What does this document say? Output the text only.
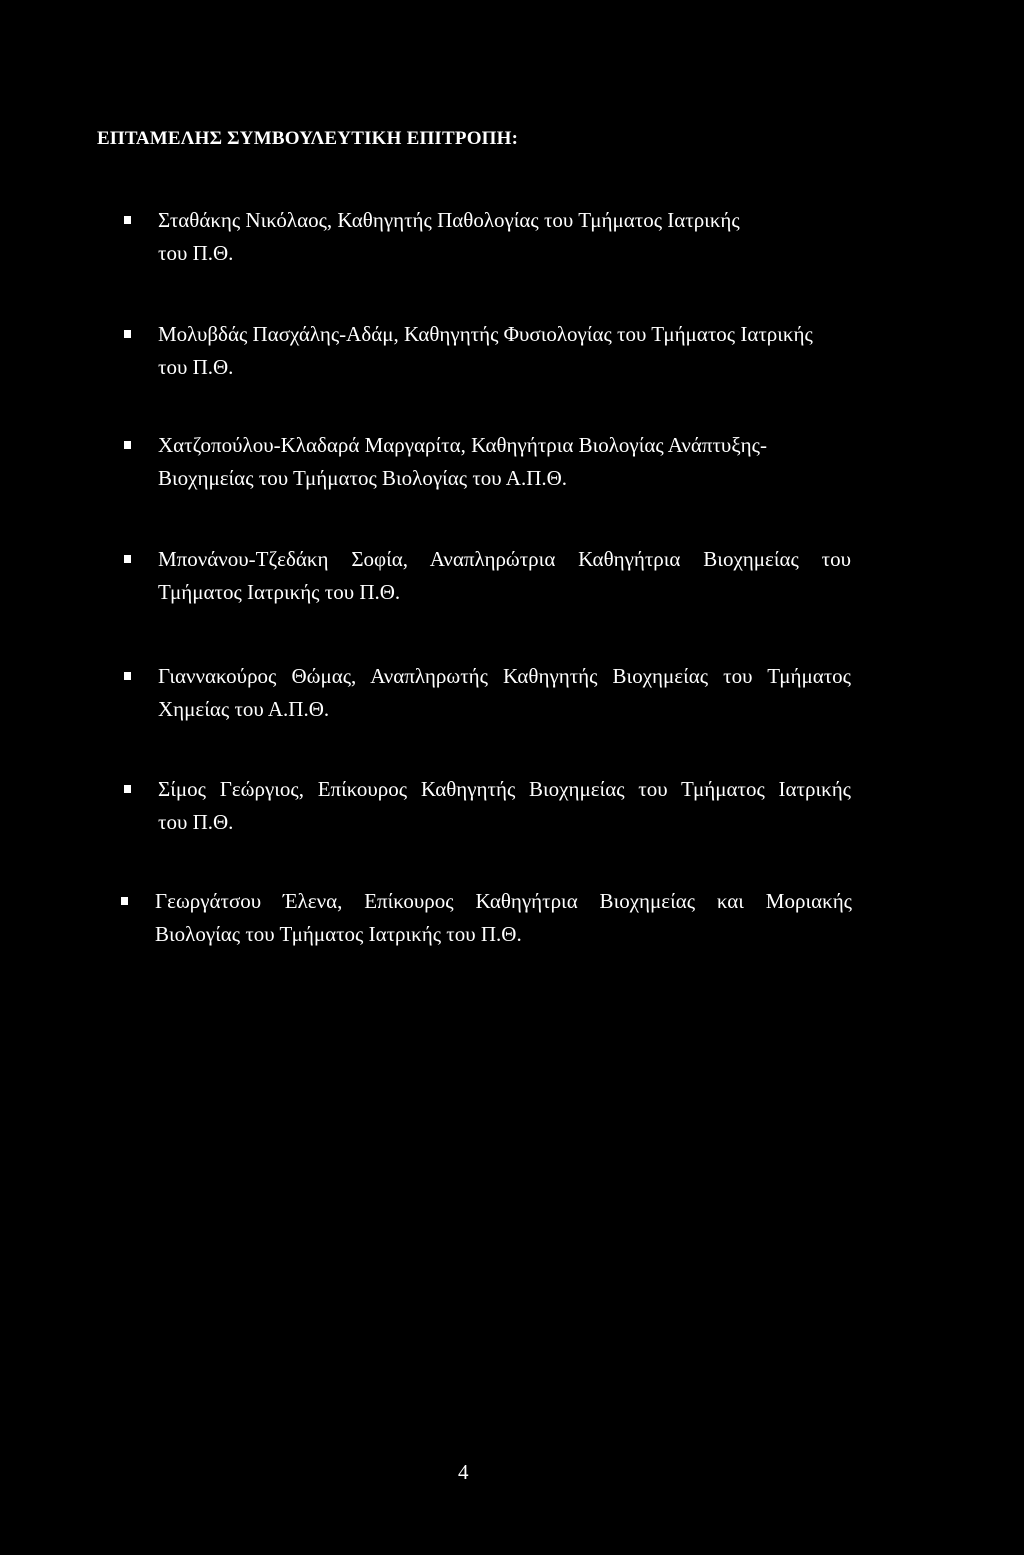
ΕΠΤΑΜΕΛΗΣ ΣΥΜΒΟΥΛΕΥΤΙΚΗ ΕΠΙΤΡΟΠΗ:
Σταθάκης Νικόλαος, Καθηγητής Παθολογίας του Τμήματος Ιατρικής
του Π.Θ.
Μολυβδάς Πασχάλης-Αδάμ, Καθηγητής Φυσιολογίας του Τμήματος Ιατρικής
του Π.Θ.
Χατζοπούλου-Κλαδαρά Μαργαρίτα, Καθηγήτρια Βιολογίας Ανάπτυξης-
Βιοχημείας του Τμήματος Βιολογίας του Α.Π.Θ.
Μπονάνου-Τζεδάκη Σοφία, Αναπληρώτρια Καθηγήτρια Βιοχημείας του
Τμήματος Ιατρικής του Π.Θ.
Γιαννακούρος Θώμας, Αναπληρωτής Καθηγητής Βιοχημείας του Τμήματος
Χημείας του Α.Π.Θ.
Σίμος Γεώργιος, Επίκουρος Καθηγητής Βιοχημείας του Τμήματος Ιατρικής
του Π.Θ.
Γεωργάτσου Έλενα, Επίκουρος Καθηγήτρια Βιοχημείας και Μοριακής
Βιολογίας του Τμήματος Ιατρικής του Π.Θ.
4
